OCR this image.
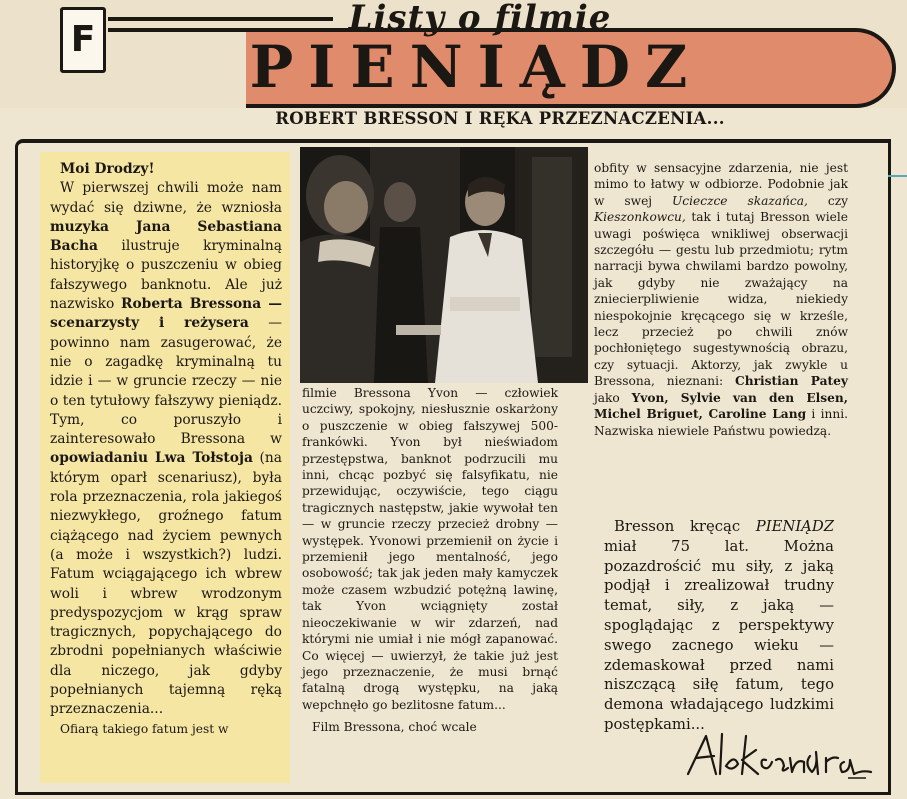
F
Listy o filmie
PIENIĄDZ
ROBERT BRESSON I RĘKA PRZEZNACZENIA...

Moi Drodzy!

W pierwszej chwili może nam wydać się dziwne, że wzniosła muzyka Jana Sebastiana Bacha ilustruje kryminalną historyjkę o puszczeniu w obieg fałszywego banknotu. Ale już nazwisko Roberta Bressona — scenarzysty i reżysera — powinno nam zasugerować, że nie o zagadkę kryminalną tu idzie i — w gruncie rzeczy — nie o ten tytułowy fałszywy pieniądz. Tym, co poruszyło i zainteresowało Bressona w opowiadaniu Lwa Tołstoja (na którym oparł scenariusz), była rola przeznaczenia, rola jakiegoś niezwykłego, groźnego fatum ciążącego nad życiem pewnych (a może i wszystkich?) ludzi. Fatum wciągającego ich wbrew woli i wbrew wrodzonym predyspozycjom w krąg spraw tragicznych, popychającego do zbrodni popełnianych właściwie dla niczego, jak gdyby popełnianych tajemną ręką przeznaczenia...

Ofiarą takiego fatum jest w

filmie Bressona Yvon — człowiek uczciwy, spokojny, niesłusznie oskarżony o puszczenie w obieg fałszywej 500-frankówki. Yvon był nieświadom przestępstwa, banknot podrzucili mu inni, chcąc pozbyć się falsyfikatu, nie przewidując, oczywiście, tego ciągu tragicznych następstw, jakie wywołał ten — w gruncie rzeczy przecież drobny — występek. Yvonowi przemienił on życie i przemienił jego mentalność, jego osobowość; tak jak jeden mały kamyczek może czasem wzbudzić potężną lawinę, tak Yvon wciągnięty został nieoczekiwanie w wir zdarzeń, nad którymi nie umiał i nie mógł zapanować. Co więcej — uwierzył, że takie już jest jego przeznaczenie, że musi brnąć fatalną drogą występku, na jaką wepchnęło go bezlitosne fatum...

Film Bressona, choć wcale

obfity w sensacyjne zdarzenia, nie jest mimo to łatwy w odbiorze. Podobnie jak w swej Ucieczce skazańca, czy Kieszonkowcu, tak i tutaj Bresson wiele uwagi poświęca wnikliwej obserwacji szczegółu — gestu lub przedmiotu; rytm narracji bywa chwilami bardzo powolny, jak gdyby nie zważający na zniecierpliwienie widza, niekiedy niespokojnie kręcącego się w krześle, lecz przecież po chwili znów pochłoniętego sugestywnością obrazu, czy sytuacji. Aktorzy, jak zwykle u Bressona, nieznani: Christian Patey jako Yvon, Sylvie van den Elsen, Michel Briguet, Caroline Lang i inni. Nazwiska niewiele Państwu powiedzą.

Bresson kręcąc PIENIĄDZ miał 75 lat. Można pozazdrościć mu siły, z jaką podjął i zrealizował trudny temat, siły, z jaką — spoglądając z perspektywy swego zacnego wieku — zdemaskował przed nami niszczącą siłę fatum, tego demona władającego ludzkimi postępkami...
